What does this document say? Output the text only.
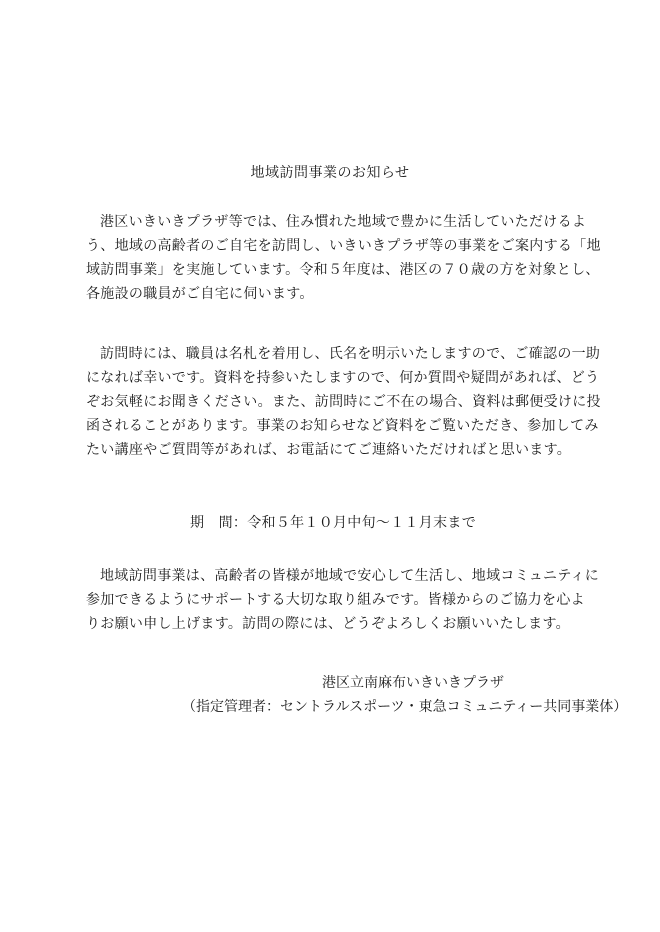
地域訪問事業のお知らせ

港区いきいきプラザ等では、住み慣れた地域で豊かに生活していただけるよ
う、地域の高齢者のご自宅を訪問し、いきいきプラザ等の事業をご案内する「地
域訪問事業」を実施しています。令和５年度は、港区の７０歳の方を対象とし、
各施設の職員がご自宅に伺います。

訪問時には、職員は名札を着用し、氏名を明示いたしますので、ご確認の一助
になれば幸いです。資料を持参いたしますので、何か質問や疑問があれば、どう
ぞお気軽にお聞きください。また、訪問時にご不在の場合、資料は郵便受けに投
函されることがあります。事業のお知らせなど資料をご覧いただき、参加してみ
たい講座やご質問等があれば、お電話にてご連絡いただければと思います。

期　間：令和５年１０月中旬～１１月末まで

地域訪問事業は、高齢者の皆様が地域で安心して生活し、地域コミュニティに
参加できるようにサポートする大切な取り組みです。皆様からのご協力を心よ
りお願い申し上げます。訪問の際には、どうぞよろしくお願いいたします。

港区立南麻布いきいきプラザ
（指定管理者：セントラルスポーツ・東急コミュニティー共同事業体）
